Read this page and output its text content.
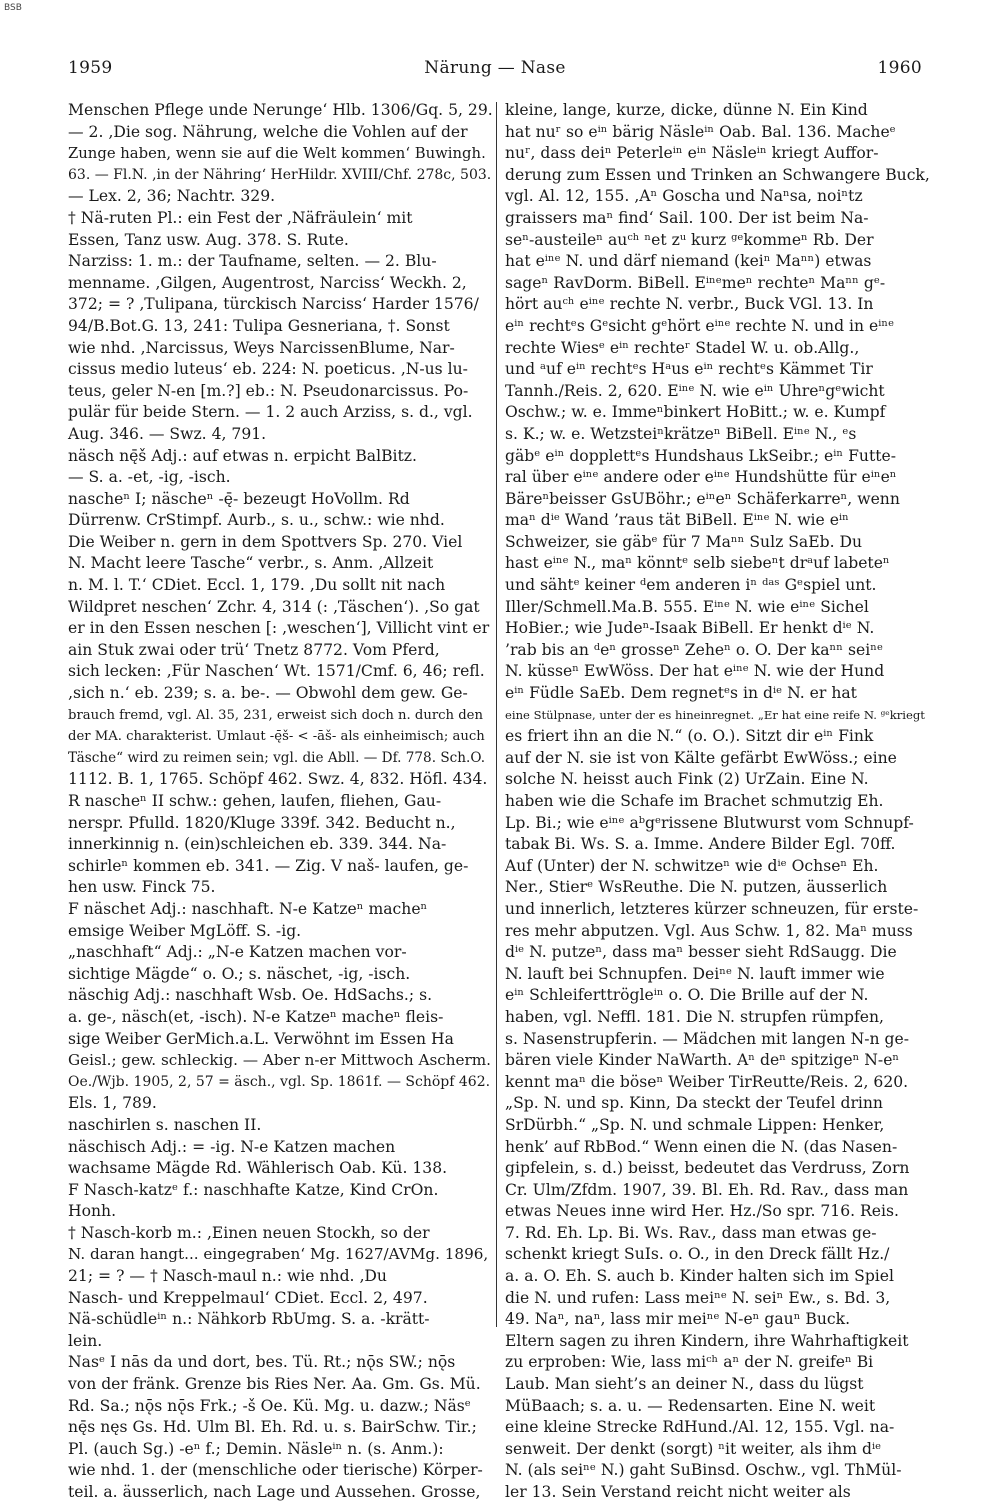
BSB
1959	Närung — Nase	1960
Menschen Pflege unde Nerunge‘ Hlb. 1306/Gq. 5, 29.
— 2. ‚Die sog. Nährung, welche die Vohlen auf der
Zunge haben, wenn sie auf die Welt kommen‘ Buwingh.
63. — Fl.N. ‚in der Nähring‘ HerHildr. XVIII/Chf. 278c, 503.
— Lex. 2, 36; Nachtr. 329.
† Nä-ruten Pl.: ein Fest der ‚Näfräulein‘ mit
Essen, Tanz usw. Aug. 378. S. Rute.
Narziss: 1. m.: der Taufname, selten. — 2. Blu-
menname. ‚Gilgen, Augentrost, Narciss‘ Weckh. 2,
372; = ? ‚Tulipana, türckisch Narciss‘ Harder 1576/
94/B.Bot.G. 13, 241: Tulipa Gesneriana, †. Sonst
wie nhd. ‚Narcissus, Weys NarcissenBlume, Nar-
cissus medio luteus‘ eb. 224: N. poeticus. ‚N-us lu-
teus, geler N-en [m.?] eb.: N. Pseudonarcissus. Po-
pulär für beide Stern. — 1. 2 auch Arziss, s. d., vgl.
Aug. 346. — Swz. 4, 791.
näsch nę̄š Adj.: auf etwas n. erpicht BalBitz.
— S. a. -et, -ig, -isch.
nascheⁿ I; näscheⁿ -ę̄- bezeugt HoVollm. Rd
Dürrenw. CrStimpf. Aurb., s. u., schw.: wie nhd.
Die Weiber n. gern in dem Spottvers Sp. 270. Viel
N. Macht leere Tasche“ verbr., s. Anm. ‚Allzeit
n. M. l. T.‘ CDiet. Eccl. 1, 179. ‚Du sollt nit nach
Wildpret neschen‘ Zchr. 4, 314 (: ‚Täschen‘). ‚So gat
er in den Essen neschen [: ‚weschen‘], Villicht vint er
ain Stuk zwai oder trü‘ Tnetz 8772. Vom Pferd,
sich lecken: ‚Für Naschen‘ Wt. 1571/Cmf. 6, 46; refl.
‚sich n.‘ eb. 239; s. a. be-. — Obwohl dem gew. Ge-
brauch fremd, vgl. Al. 35, 231, erweist sich doch n. durch den
der MA. charakterist. Umlaut -ę̄š- < -āš- als einheimisch; auch
Täsche“ wird zu reimen sein; vgl. die Abll. — Df. 778. Sch.O.
1112. B. 1, 1765. Schöpf 462. Swz. 4, 832. Höfl. 434.
R nascheⁿ II schw.: gehen, laufen, fliehen, Gau-
nerspr. Pfulld. 1820/Kluge 339f. 342. Beducht n.,
innerkinnig n. (ein)schleichen eb. 339. 344. Na-
schirleⁿ kommen eb. 341. — Zig. V naš- laufen, ge-
hen usw. Finck 75.
F näschet Adj.: naschhaft. N-e Katzeⁿ macheⁿ
emsige Weiber MgLöff. S. -ig.
„naschhaft“ Adj.: „N-e Katzen machen vor-
sichtige Mägde“ o. O.; s. näschet, -ig, -isch.
näschig Adj.: naschhaft Wsb. Oe. HdSachs.; s.
a. ge-, näsch(et, -isch). N-e Katzeⁿ macheⁿ fleis-
sige Weiber GerMich.a.L. Verwöhnt im Essen Ha
Geisl.; gew. schleckig. — Aber n-er Mittwoch Ascherm.
Oe./Wjb. 1905, 2, 57 = äsch., vgl. Sp. 1861f. — Schöpf 462.
Els. 1, 789.
naschirlen s. naschen II.
näschisch Adj.: = -ig. N-e Katzen machen
wachsame Mägde Rd. Wählerisch Oab. Kü. 138.
F Nasch-katzᵉ f.: naschhafte Katze, Kind CrOn.
Honh.
† Nasch-korb m.: ‚Einen neuen Stockh, so der
N. daran hangt... eingegraben‘ Mg. 1627/AVMg. 1896,
21; = ? — † Nasch-maul n.: wie nhd. ‚Du
Nasch- und Kreppelmaul‘ CDiet. Eccl. 2, 497.
Nä-schüdleⁱⁿ n.: Nähkorb RbUmg. S. a. -krätt-
lein.
Nasᵉ I nās da und dort, bes. Tü. Rt.; nǭs SW.; nǭs
von der fränk. Grenze bis Ries Ner. Aa. Gm. Gs. Mü.
Rd. Sa.; nǭs nǭs Frk.; -š Oe. Kü. Mg. u. dazw.; Näsᵉ
nę̄s nęs Gs. Hd. Ulm Bl. Eh. Rd. u. s. BairSchw. Tir.;
Pl. (auch Sg.) -eⁿ f.; Demin. Näsleⁱⁿ n. (s. Anm.):
wie nhd. 1. der (menschliche oder tierische) Körper-
teil. a. äusserlich, nach Lage und Aussehen. Grosse,
kleine, lange, kurze, dicke, dünne N. Ein Kind
hat nuʳ so eⁱⁿ bärig Näsleⁱⁿ Oab. Bal. 136. Macheᵉ
nuʳ, dass deiⁿ Peterleⁱⁿ eⁱⁿ Näsleⁱⁿ kriegt Auffor-
derung zum Essen und Trinken an Schwangere Buck,
vgl. Al. 12, 155. ‚Aⁿ Goscha und Naⁿsa, noiⁿtz
graissers maⁿ find‘ Sail. 100. Der ist beim Na-
seⁿ-austeileⁿ auᶜʰ ⁿet zᵘ kurz ᵍᵉkommeⁿ Rb. Der
hat eⁱⁿᵉ N. und därf niemand (keiⁿ Maⁿⁿ) etwas
sageⁿ RavDorm. BiBell. Eⁱⁿᵉmeⁿ rechteⁿ Maⁿⁿ gᵉ-
hört auᶜʰ eⁱⁿᵉ rechte N. verbr., Buck VGl. 13. In
eⁱⁿ rechtᵉs Gᵉsicht gᵉhört eⁱⁿᵉ rechte N. und in eⁱⁿᵉ
rechte Wiesᵉ eⁱⁿ rechteʳ Stadel W. u. ob.Allg.,
und ᵃuf eⁱⁿ rechtᵉs Hᵃus eⁱⁿ rechtᵉs Kämmet Tir
Tannh./Reis. 2, 620. Eⁱⁿᵉ N. wie eⁱⁿ Uhreⁿgᵉwicht
Oschw.; w. e. Immeⁿbinkert HoBitt.; w. e. Kumpf
s. K.; w. e. Wetzsteiⁿkrätzeⁿ BiBell. Eⁱⁿᵉ N., ᵉs
gäbᵉ eⁱⁿ dopplettᵉs Hundshaus LkSeibr.; eⁱⁿ Futte-
ral über eⁱⁿᵉ andere oder eⁱⁿᵉ Hundshütte für eⁱⁿeⁿ
Bäreⁿbeisser GsUBöhr.; eⁱⁿeⁿ Schäferkarreⁿ, wenn
maⁿ dⁱᵉ Wand ’raus tät BiBell. Eⁱⁿᵉ N. wie eⁱⁿ
Schweizer, sie gäbᵉ für 7 Maⁿⁿ Sulz SaEb. Du
hast eⁱⁿᵉ N., maⁿ könntᵉ selb siebeⁿt drᵃuf labeteⁿ
und sähtᵉ keiner ᵈem anderen iⁿ ᵈᵃˢ Gᵉspiel unt.
Iller/Schmell.Ma.B. 555. Eⁱⁿᵉ N. wie eⁱⁿᵉ Sichel
HoBier.; wie Judeⁿ-Isaak BiBell. Er henkt dⁱᵉ N.
’rab bis an ᵈeⁿ grosseⁿ Zeheⁿ o. O. Der kaⁿⁿ seiⁿᵉ
N. küsseⁿ EwWöss. Der hat eⁱⁿᵉ N. wie der Hund
eⁱⁿ Füdle SaEb. Dem regnetᵉs in dⁱᵉ N. er hat
eine Stülpnase, unter der es hineinregnet. „Er hat eine reife N. ᵍᵉkriegt
es friert ihn an die N.“ (o. O.). Sitzt dir eⁱⁿ Fink
auf der N. sie ist von Kälte gefärbt EwWöss.; eine
solche N. heisst auch Fink (2) UrZain. Eine N.
haben wie die Schafe im Brachet schmutzig Eh.
Lp. Bi.; wie eⁱⁿᵉ aᵇgᵉrissene Blutwurst vom Schnupf-
tabak Bi. Ws. S. a. Imme. Andere Bilder Egl. 70ff.
Auf (Unter) der N. schwitzeⁿ wie dⁱᵉ Ochseⁿ Eh.
Ner., Stierᵉ WsReuthe. Die N. putzen, äusserlich
und innerlich, letzteres kürzer schneuzen, für erste-
res mehr abputzen. Vgl. Aus Schw. 1, 82. Maⁿ muss
dⁱᵉ N. putzeⁿ, dass maⁿ besser sieht RdSaugg. Die
N. lauft bei Schnupfen. Deiⁿᵉ N. lauft immer wie
eⁱⁿ Schleiferttrögleⁱⁿ o. O. Die Brille auf der N.
haben, vgl. Neffl. 181. Die N. strupfen rümpfen,
s. Nasenstrupferin. — Mädchen mit langen N-n ge-
bären viele Kinder NaWarth. Aⁿ deⁿ spitzigeⁿ N-eⁿ
kennt maⁿ die böseⁿ Weiber TirReutte/Reis. 2, 620.
„Sp. N. und sp. Kinn, Da steckt der Teufel drinn
SrDürbh.“ „Sp. N. und schmale Lippen: Henker,
henk’ auf RbBod.“ Wenn einen die N. (das Nasen-
gipfelein, s. d.) beisst, bedeutet das Verdruss, Zorn
Cr. Ulm/Zfdm. 1907, 39. Bl. Eh. Rd. Rav., dass man
etwas Neues inne wird Her. Hz./So spr. 716. Reis.
7. Rd. Eh. Lp. Bi. Ws. Rav., dass man etwas ge-
schenkt kriegt SuIs. o. O., in den Dreck fällt Hz./
a. a. O. Eh. S. auch b. Kinder halten sich im Spiel
die N. und rufen: Lass meiⁿᵉ N. seiⁿ Ew., s. Bd. 3,
49. Naⁿ, naⁿ, lass mir meiⁿᵉ N-eⁿ gauⁿ Buck.
Eltern sagen zu ihren Kindern, ihre Wahrhaftigkeit
zu erproben: Wie, lass miᶜʰ aⁿ der N. greifeⁿ Bi
Laub. Man sieht’s an deiner N., dass du lügst
MüBaach; s. a. u. — Redensarten. Eine N. weit
eine kleine Strecke RdHund./Al. 12, 155. Vgl. na-
senweit. Der denkt (sorgt) ⁿit weiter, als ihm dⁱᵉ
N. (als seiⁿᵉ N.) gaht SuBinsd. Oschw., vgl. ThMül-
ler 13. Sein Verstand reicht nicht weiter als
